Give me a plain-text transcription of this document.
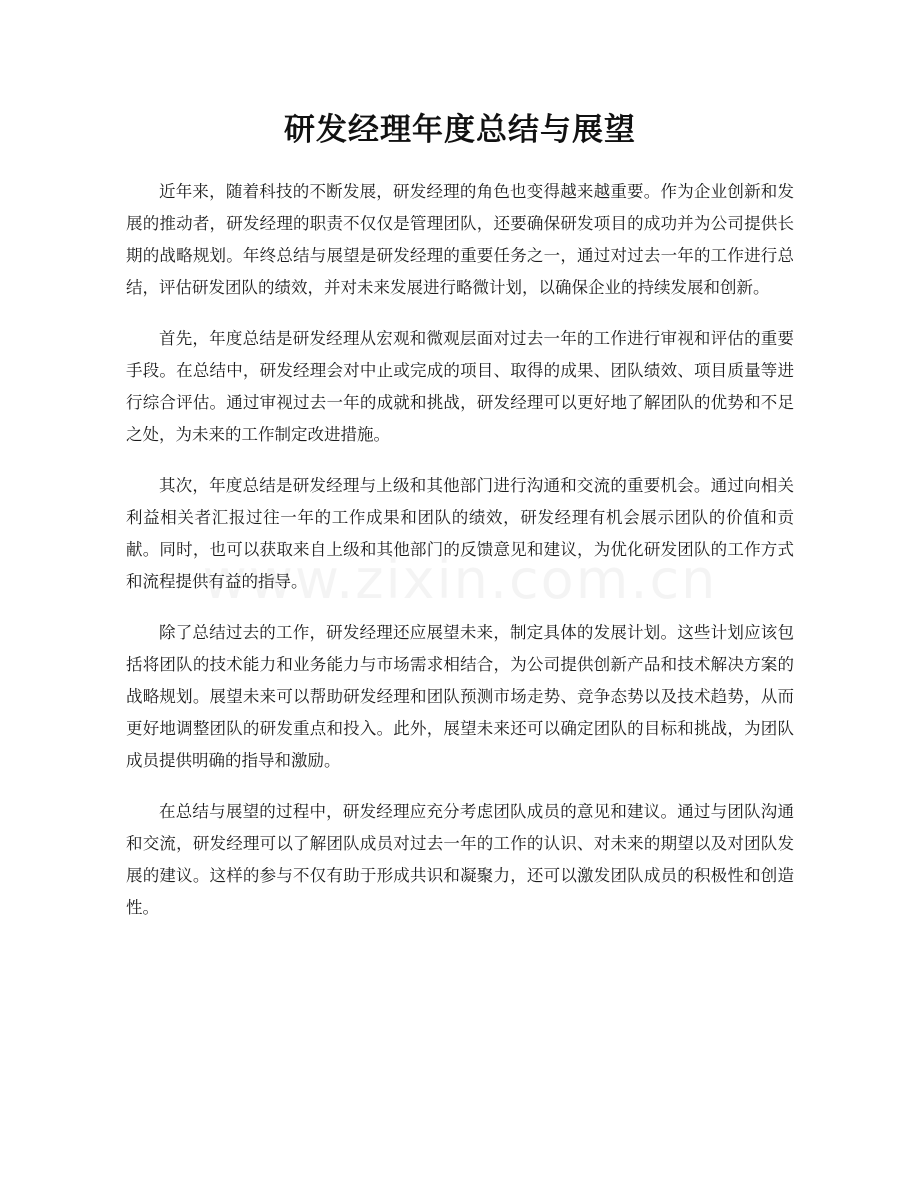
研发经理年度总结与展望

近年来，随着科技的不断发展，研发经理的角色也变得越来越重要。作为企业创新和发展的推动者，研发经理的职责不仅仅是管理团队，还要确保研发项目的成功并为公司提供长期的战略规划。年终总结与展望是研发经理的重要任务之一，通过对过去一年的工作进行总结，评估研发团队的绩效，并对未来发展进行略微计划，以确保企业的持续发展和创新。

首先，年度总结是研发经理从宏观和微观层面对过去一年的工作进行审视和评估的重要手段。在总结中，研发经理会对中止或完成的项目、取得的成果、团队绩效、项目质量等进行综合评估。通过审视过去一年的成就和挑战，研发经理可以更好地了解团队的优势和不足之处，为未来的工作制定改进措施。

其次，年度总结是研发经理与上级和其他部门进行沟通和交流的重要机会。通过向相关利益相关者汇报过往一年的工作成果和团队的绩效，研发经理有机会展示团队的价值和贡献。同时，也可以获取来自上级和其他部门的反馈意见和建议，为优化研发团队的工作方式和流程提供有益的指导。

除了总结过去的工作，研发经理还应展望未来，制定具体的发展计划。这些计划应该包括将团队的技术能力和业务能力与市场需求相结合，为公司提供创新产品和技术解决方案的战略规划。展望未来可以帮助研发经理和团队预测市场走势、竞争态势以及技术趋势，从而更好地调整团队的研发重点和投入。此外，展望未来还可以确定团队的目标和挑战，为团队成员提供明确的指导和激励。

在总结与展望的过程中，研发经理应充分考虑团队成员的意见和建议。通过与团队沟通和交流，研发经理可以了解团队成员对过去一年的工作的认识、对未来的期望以及对团队发展的建议。这样的参与不仅有助于形成共识和凝聚力，还可以激发团队成员的积极性和创造性。
